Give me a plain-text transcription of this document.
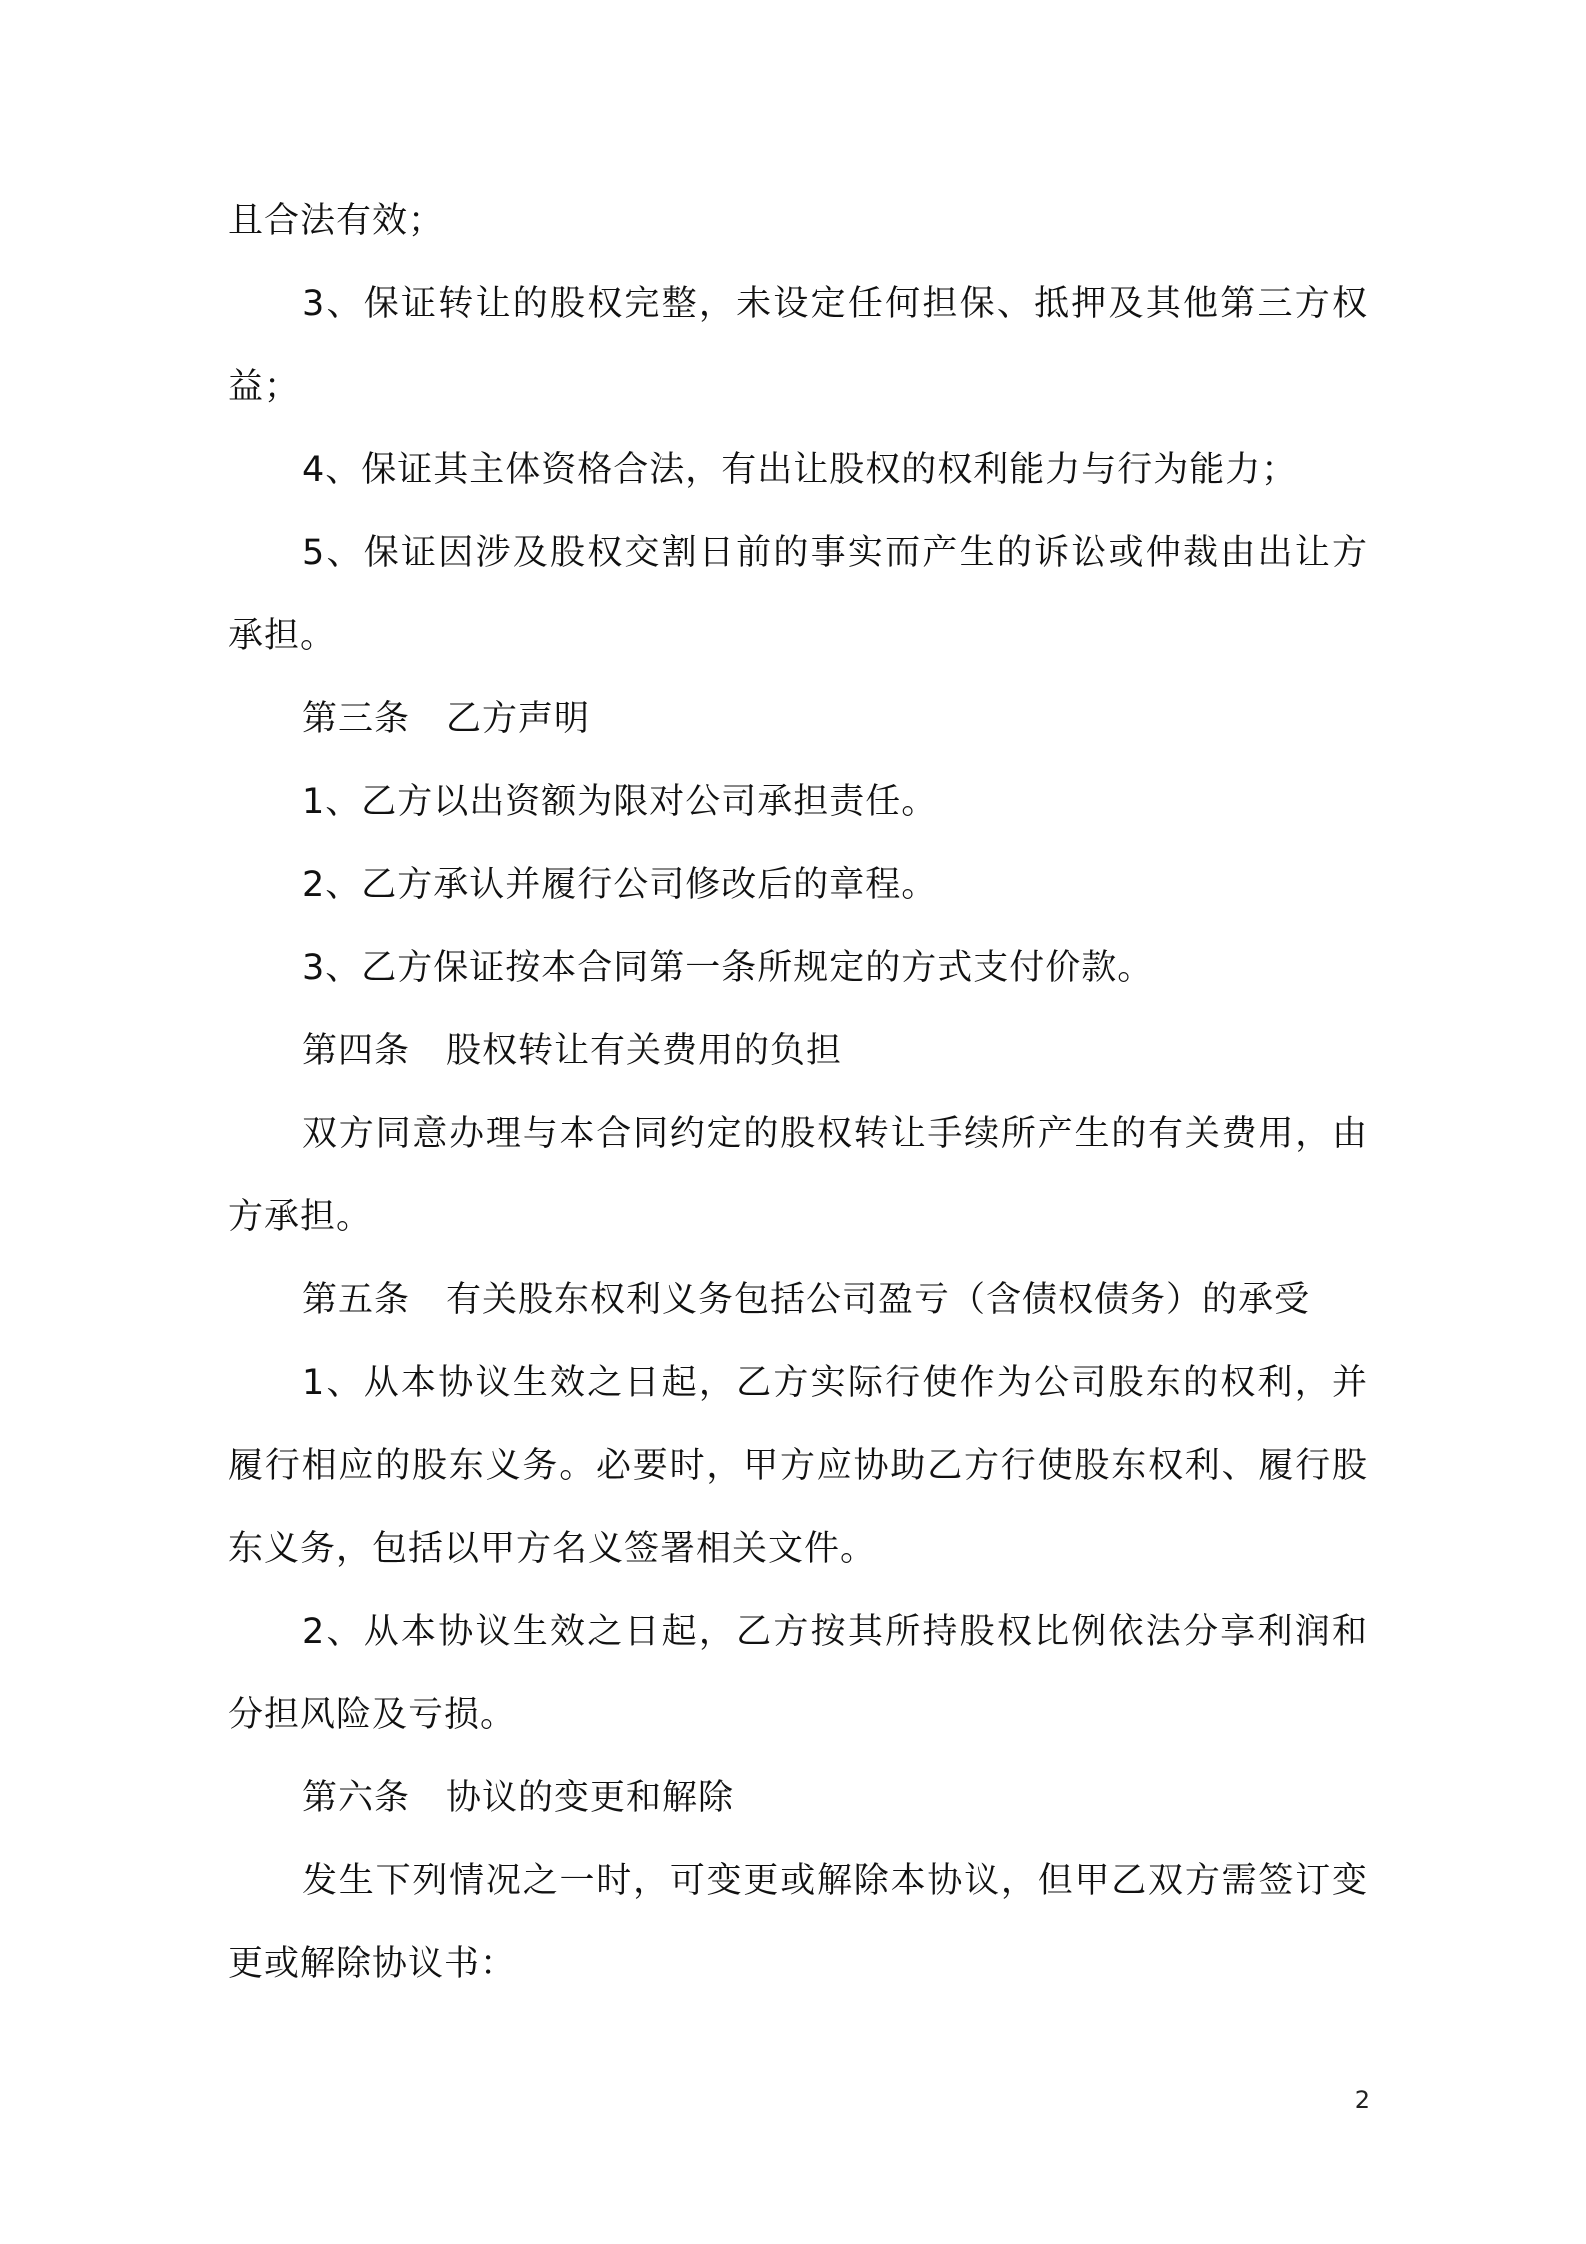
且合法有效；

3、保证转让的股权完整，未设定任何担保、抵押及其他第三方权益；

4、保证其主体资格合法，有出让股权的权利能力与行为能力；

5、保证因涉及股权交割日前的事实而产生的诉讼或仲裁由出让方承担。

第三条　乙方声明

1、乙方以出资额为限对公司承担责任。

2、乙方承认并履行公司修改后的章程。

3、乙方保证按本合同第一条所规定的方式支付价款。

第四条　股权转让有关费用的负担

双方同意办理与本合同约定的股权转让手续所产生的有关费用，由　　方承担。

第五条　有关股东权利义务包括公司盈亏（含债权债务）的承受

1、从本协议生效之日起，乙方实际行使作为公司股东的权利，并履行相应的股东义务。必要时，甲方应协助乙方行使股东权利、履行股东义务，包括以甲方名义签署相关文件。

2、从本协议生效之日起，乙方按其所持股权比例依法分享利润和分担风险及亏损。

第六条　协议的变更和解除

发生下列情况之一时，可变更或解除本协议，但甲乙双方需签订变更或解除协议书：

2
